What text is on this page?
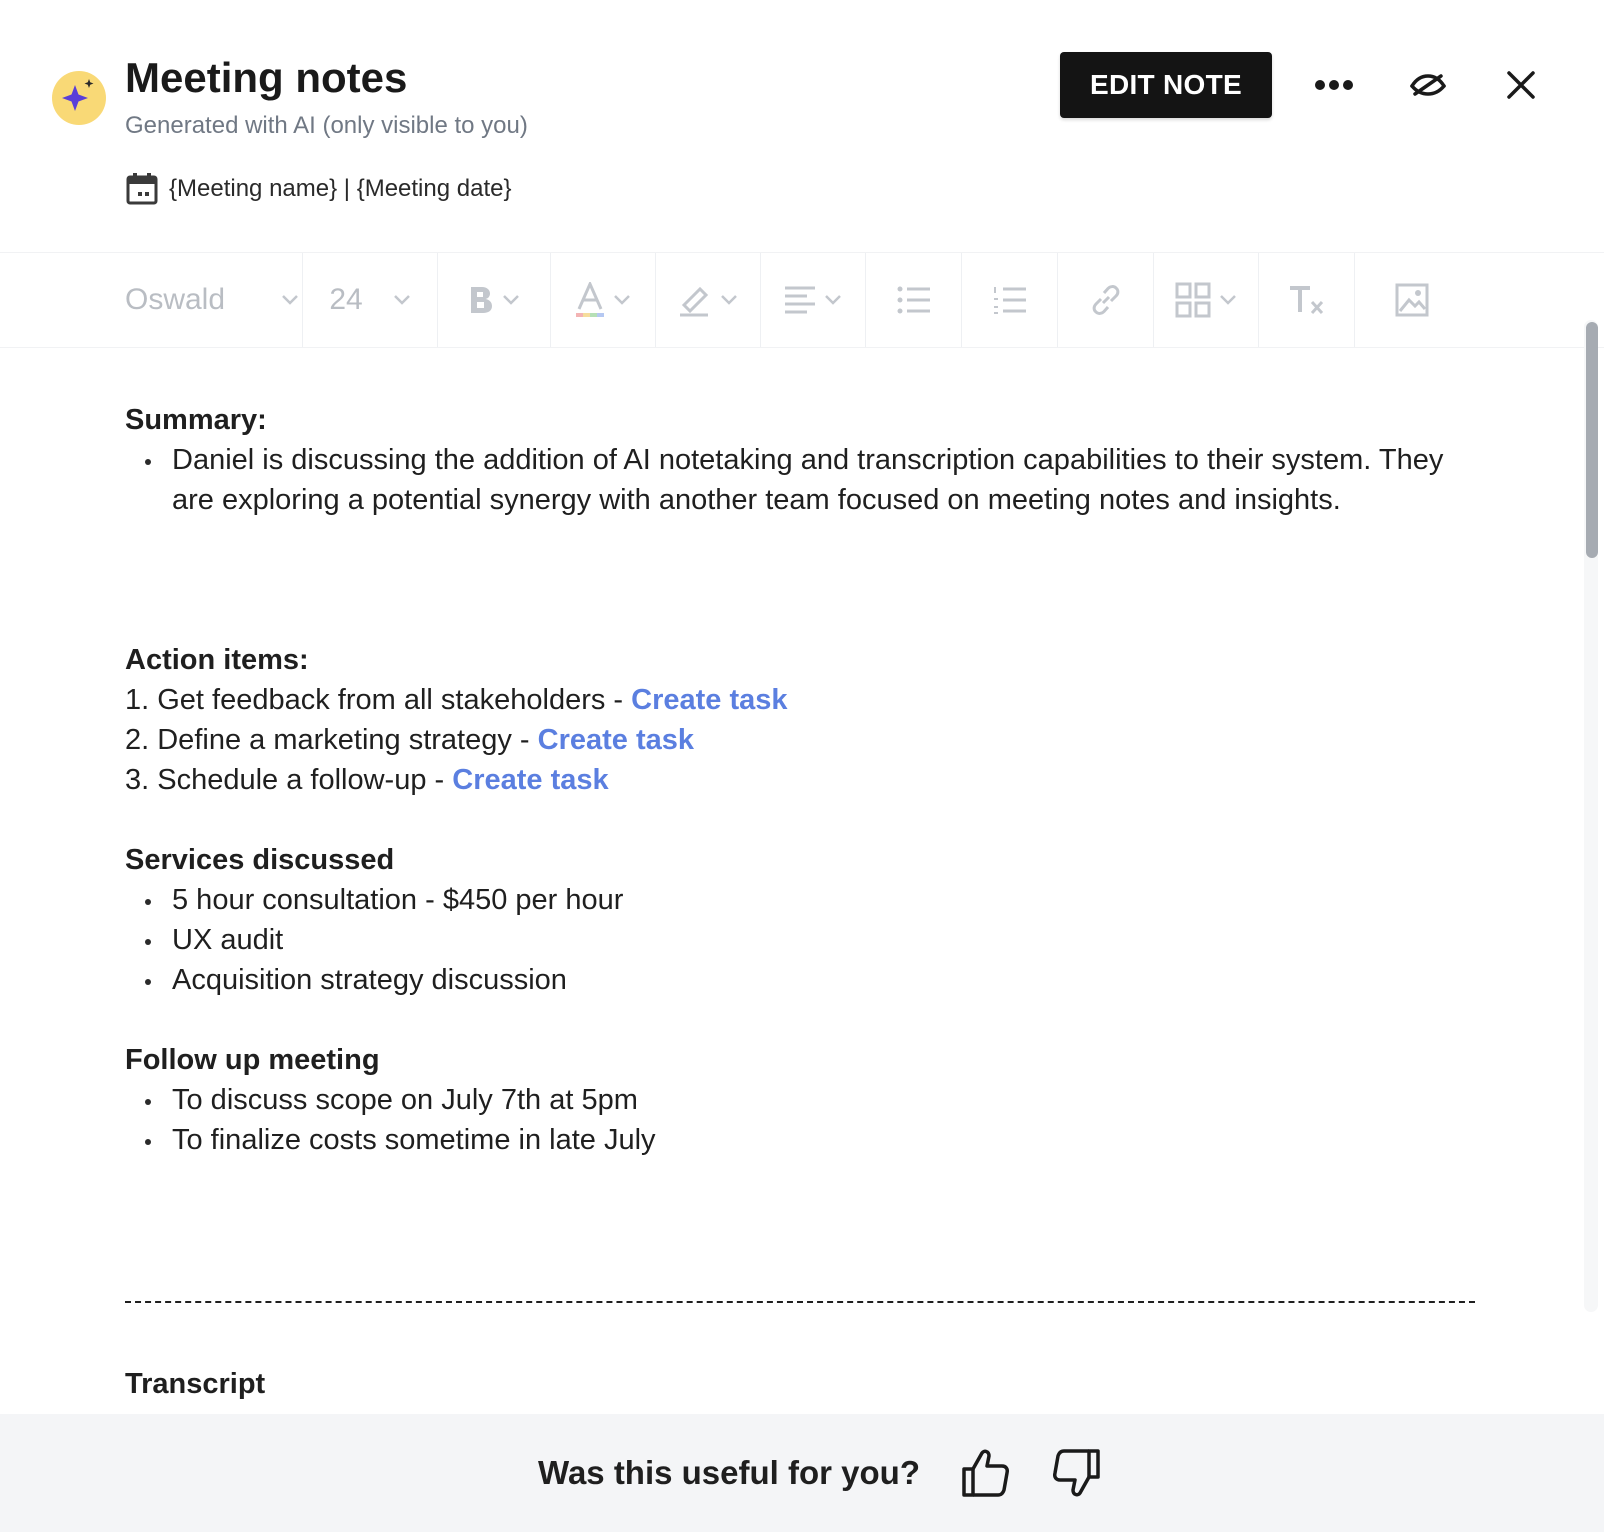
Meeting notes
Generated with AI (only visible to you)
{Meeting name} | {Meeting date}
EDIT NOTE
Oswald	24

Summary:

Daniel is discussing the addition of AI notetaking and transcription capabilities to their system. They are exploring a potential synergy with another team focused on meeting notes and insights.

Action items:

1. Get feedback from all stakeholders - Create task

2. Define a marketing strategy - Create task

3. Schedule a follow-up - Create task

Services discussed

5 hour consultation - $450 per hour
UX audit
Acquisition strategy discussion

Follow up meeting

To discuss scope on July 7th at 5pm
To finalize costs sometime in late July
Transcript
Was this useful for you?
